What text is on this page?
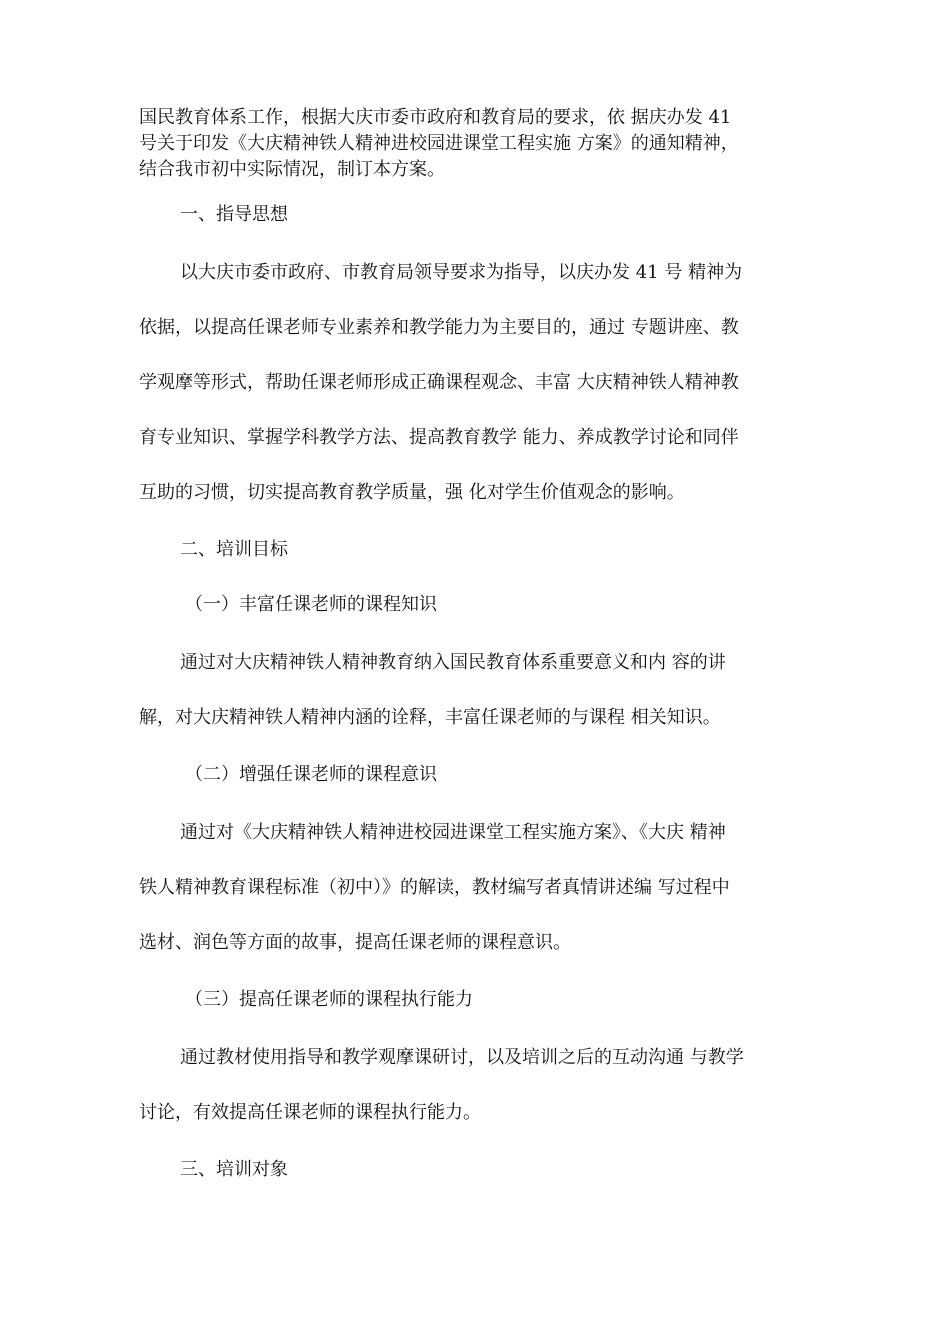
国民教育体系工作，根据大庆市委市政府和教育局的要求，依 据庆办发 41
号关于印发《大庆精神铁人精神进校园进课堂工程实施 方案》的通知精神，
结合我市初中实际情况，制订本方案。
一、指导思想
以大庆市委市政府、市教育局领导要求为指导，以庆办发 41 号 精神为
依据，以提高任课老师专业素养和教学能力为主要目的，通过 专题讲座、教
学观摩等形式，帮助任课老师形成正确课程观念、丰富 大庆精神铁人精神教
育专业知识、掌握学科教学方法、提高教育教学 能力、养成教学讨论和同伴
互助的习惯，切实提高教育教学质量，强 化对学生价值观念的影响。
二、培训目标
（一）丰富任课老师的课程知识
通过对大庆精神铁人精神教育纳入国民教育体系重要意义和内 容的讲
解，对大庆精神铁人精神内涵的诠释，丰富任课老师的与课程 相关知识。
（二）增强任课老师的课程意识
通过对《大庆精神铁人精神进校园进课堂工程实施方案》、《大庆 精神
铁人精神教育课程标准（初中）》的解读，教材编写者真情讲述编 写过程中
选材、润色等方面的故事，提高任课老师的课程意识。
（三）提高任课老师的课程执行能力
通过教材使用指导和教学观摩课研讨，以及培训之后的互动沟通 与教学
讨论，有效提高任课老师的课程执行能力。
三、培训对象
